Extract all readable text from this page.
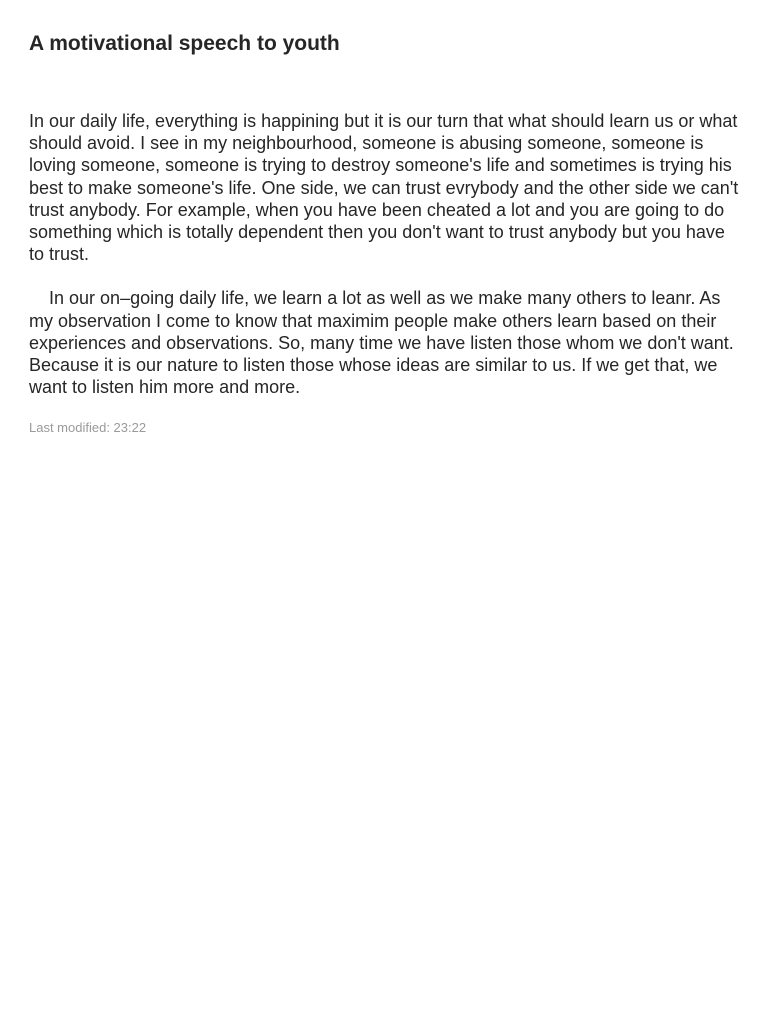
A motivational speech to youth

In our daily life, everything is happining but it is our turn that what should learn us or what should avoid. I see in my neighbourhood, someone is abusing someone, someone is loving someone, someone is trying to destroy someone's life and sometimes is trying his best to make someone's life. One side, we can trust evrybody and the other side we can't trust anybody. For example, when you have been cheated a lot and you are going to do something which is totally dependent then you don't want to trust anybody but you have to trust.

In our on–going daily life, we learn a lot as well as we make many others to leanr. As my observation I come to know that maximim people make others learn based on their experiences and observations. So, many time we have listen those whom we don't want. Because it is our nature to listen those whose ideas are similar to us. If we get that, we want to listen him more and more.

Last modified: 23:22
